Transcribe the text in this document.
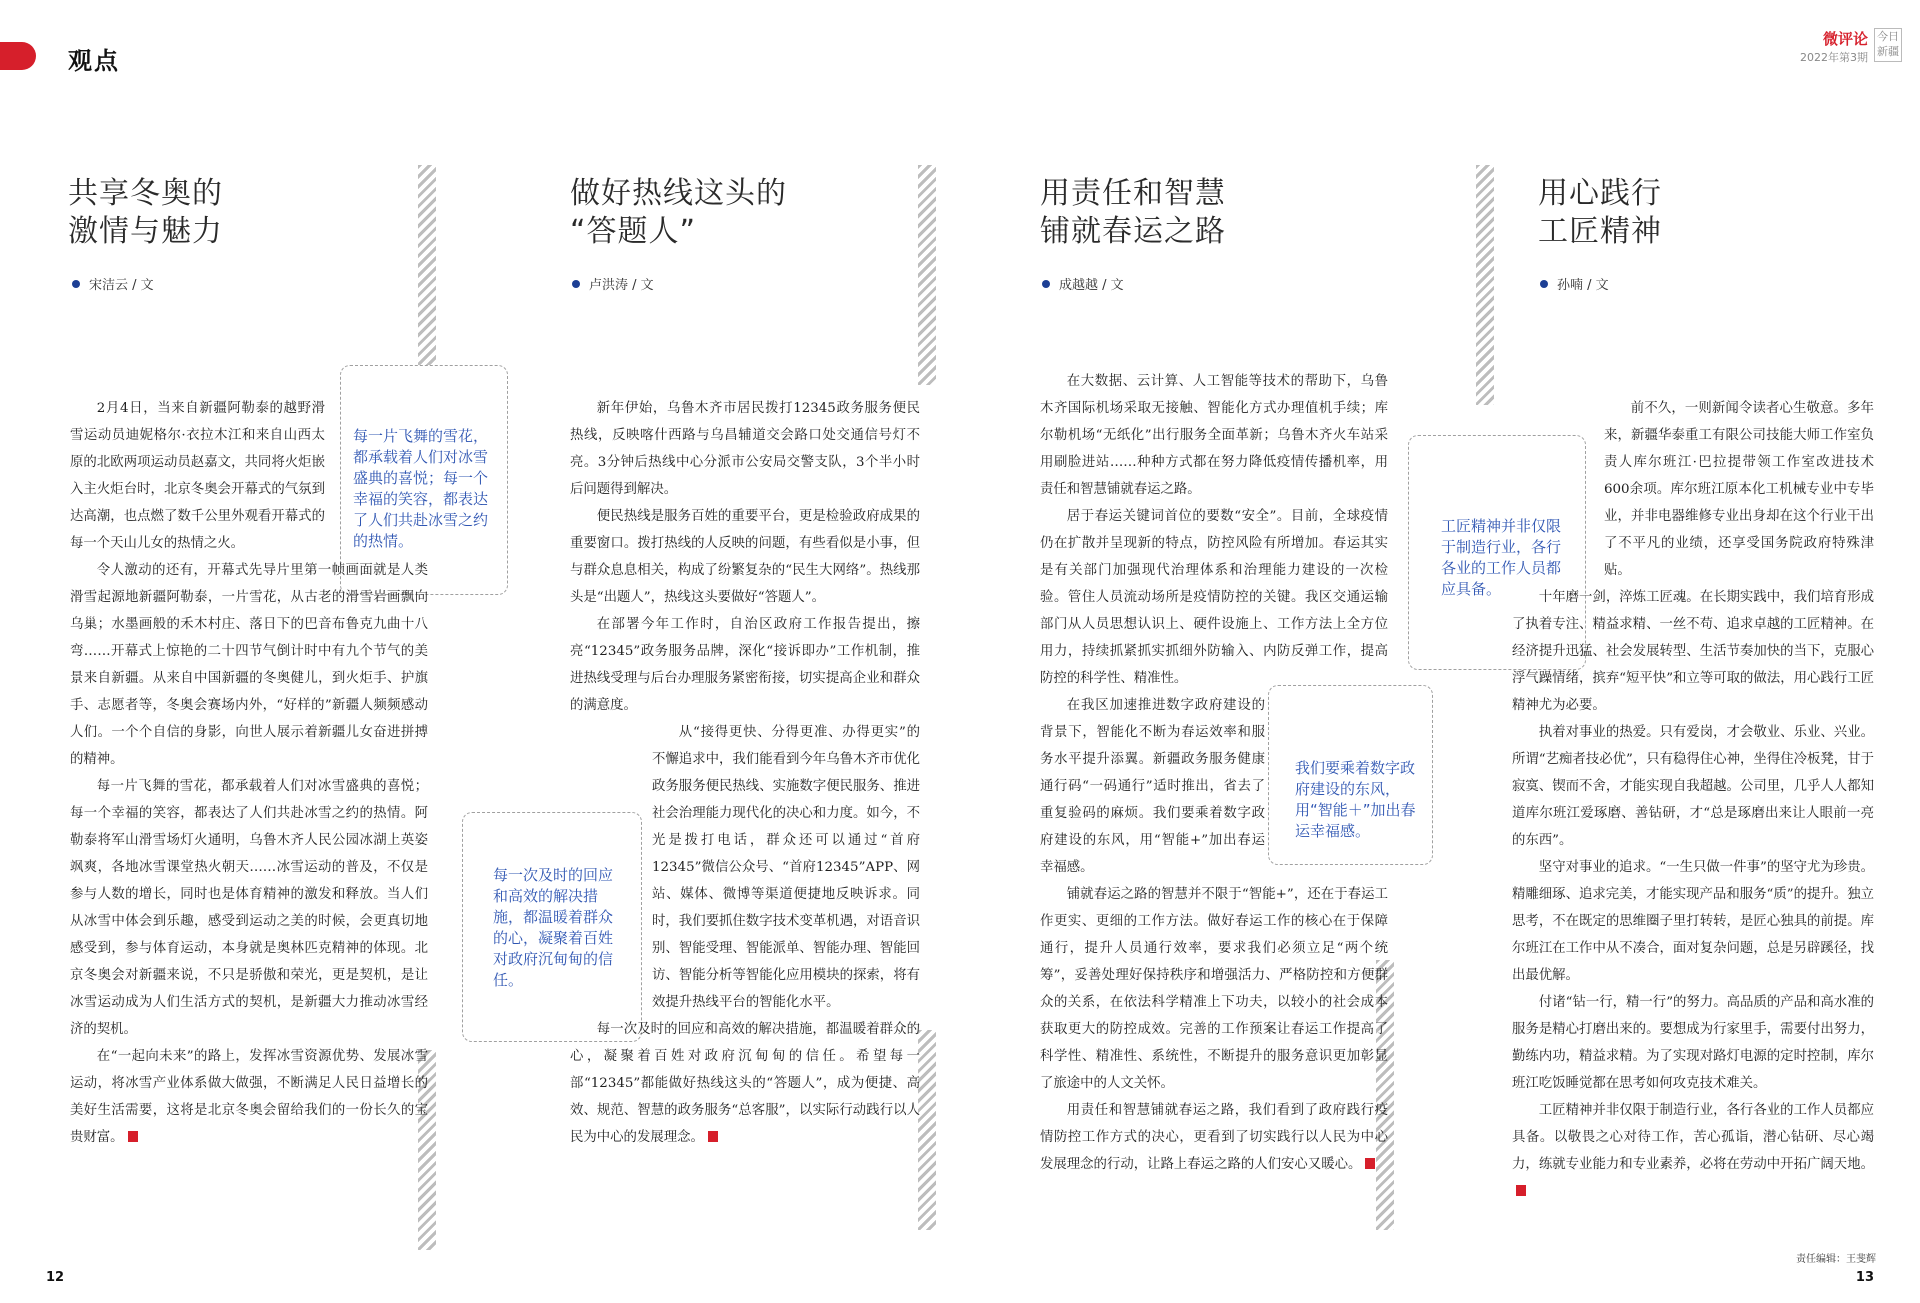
观点
微评论
2022年第3期
今日新疆
共享冬奥的
激情与魅力
宋洁云 / 文
每一片飞舞的雪花，都承载着人们对冰雪盛典的喜悦；每一个幸福的笑容，都表达了人们共赴冰雪之约的热情。

2月4日，当来自新疆阿勒泰的越野滑雪运动员迪妮格尔·衣拉木江和来自山西太原的北欧两项运动员赵嘉文，共同将火炬嵌入主火炬台时，北京冬奥会开幕式的气氛到达高潮，也点燃了数千公里外观看开幕式的每一个天山儿女的热情之火。

令人激动的还有，开幕式先导片里第一帧画面就是人类滑雪起源地新疆阿勒泰，一片雪花，从古老的滑雪岩画飘向乌巢；水墨画般的禾木村庄、落日下的巴音布鲁克九曲十八弯……开幕式上惊艳的二十四节气倒计时中有九个节气的美景来自新疆。从来自中国新疆的冬奥健儿，到火炬手、护旗手、志愿者等，冬奥会赛场内外，“好样的”新疆人频频感动人们。一个个自信的身影，向世人展示着新疆儿女奋进拼搏的精神。

每一片飞舞的雪花，都承载着人们对冰雪盛典的喜悦；每一个幸福的笑容，都表达了人们共赴冰雪之约的热情。阿勒泰将军山滑雪场灯火通明，乌鲁木齐人民公园冰湖上英姿飒爽，各地冰雪课堂热火朝天……冰雪运动的普及，不仅是参与人数的增长，同时也是体育精神的激发和释放。当人们从冰雪中体会到乐趣，感受到运动之美的时候，会更真切地感受到，参与体育运动，本身就是奥林匹克精神的体现。北京冬奥会对新疆来说，不只是骄傲和荣光，更是契机，是让冰雪运动成为人们生活方式的契机，是新疆大力推动冰雪经济的契机。

在“一起向未来”的路上，发挥冰雪资源优势、发展冰雪运动，将冰雪产业体系做大做强，不断满足人民日益增长的美好生活需要，这将是北京冬奥会留给我们的一份长久的宝贵财富。

做好热线这头的
“答题人”
卢洪涛 / 文
每一次及时的回应和高效的解决措施，都温暖着群众的心，凝聚着百姓对政府沉甸甸的信任。

新年伊始，乌鲁木齐市居民拨打12345政务服务便民热线，反映喀什西路与乌昌辅道交会路口处交通信号灯不亮。3分钟后热线中心分派市公安局交警支队，3个半小时后问题得到解决。

便民热线是服务百姓的重要平台，更是检验政府成果的重要窗口。拨打热线的人反映的问题，有些看似是小事，但与群众息息相关，构成了纷繁复杂的“民生大网络”。热线那头是“出题人”，热线这头要做好“答题人”。

在部署今年工作时，自治区政府工作报告提出，擦亮“12345”政务服务品牌，深化“接诉即办”工作机制，推进热线受理与后台办理服务紧密衔接，切实提高企业和群众的满意度。

从“接得更快、分得更准、办得更实”的不懈追求中，我们能看到今年乌鲁木齐市优化政务服务便民热线、实施数字便民服务、推进社会治理能力现代化的决心和力度。如今，不光是拨打电话，群众还可以通过“首府12345”微信公众号、“首府12345”APP、网站、媒体、微博等渠道便捷地反映诉求。同时，我们要抓住数字技术变革机遇，对语音识别、智能受理、智能派单、智能办理、智能回访、智能分析等智能化应用模块的探索，将有效提升热线平台的智能化水平。

每一次及时的回应和高效的解决措施，都温暖着群众的心，凝聚着百姓对政府沉甸甸的信任。希望每一部“12345”都能做好热线这头的“答题人”，成为便捷、高效、规范、智慧的政务服务“总客服”，以实际行动践行以人民为中心的发展理念。

用责任和智慧
铺就春运之路
成越越 / 文
我们要乘着数字政府建设的东风，用“智能＋”加出春运幸福感。

在大数据、云计算、人工智能等技术的帮助下，乌鲁木齐国际机场采取无接触、智能化方式办理值机手续；库尔勒机场“无纸化”出行服务全面革新；乌鲁木齐火车站采用刷脸进站……种种方式都在努力降低疫情传播机率，用责任和智慧铺就春运之路。

居于春运关键词首位的要数“安全”。目前，全球疫情仍在扩散并呈现新的特点，防控风险有所增加。春运其实是有关部门加强现代治理体系和治理能力建设的一次检验。管住人员流动场所是疫情防控的关键。我区交通运输部门从人员思想认识上、硬件设施上、工作方法上全方位用力，持续抓紧抓实抓细外防输入、内防反弹工作，提高防控的科学性、精准性。

在我区加速推进数字政府建设的背景下，智能化不断为春运效率和服务水平提升添翼。新疆政务服务健康通行码“一码通行”适时推出，省去了重复验码的麻烦。我们要乘着数字政府建设的东风，用“智能+”加出春运幸福感。

铺就春运之路的智慧并不限于“智能+”，还在于春运工作更实、更细的工作方法。做好春运工作的核心在于保障通行，提升人员通行效率，要求我们必须立足“两个统筹”，妥善处理好保持秩序和增强活力、严格防控和方便群众的关系，在依法科学精准上下功夫，以较小的社会成本获取更大的防控成效。完善的工作预案让春运工作提高了科学性、精准性、系统性，不断提升的服务意识更加彰显了旅途中的人文关怀。

用责任和智慧铺就春运之路，我们看到了政府践行疫情防控工作方式的决心，更看到了切实践行以人民为中心发展理念的行动，让路上春运之路的人们安心又暖心。

用心践行
工匠精神
孙喃 / 文
工匠精神并非仅限于制造行业，各行各业的工作人员都应具备。

前不久，一则新闻令读者心生敬意。多年来，新疆华泰重工有限公司技能大师工作室负责人库尔班江·巴拉提带领工作室改进技术600余项。库尔班江原本化工机械专业中专毕业，并非电器维修专业出身却在这个行业干出了不平凡的业绩，还享受国务院政府特殊津贴。

十年磨一剑，淬炼工匠魂。在长期实践中，我们培育形成了执着专注、精益求精、一丝不苟、追求卓越的工匠精神。在经济提升迅猛、社会发展转型、生活节奏加快的当下，克服心浮气躁情绪，摈弃“短平快”和立等可取的做法，用心践行工匠精神尤为必要。

执着对事业的热爱。只有爱岗，才会敬业、乐业、兴业。所谓“艺痴者技必优”，只有稳得住心神，坐得住冷板凳，甘于寂寞、锲而不舍，才能实现自我超越。公司里，几乎人人都知道库尔班江爱琢磨、善钻研，才“总是琢磨出来让人眼前一亮的东西”。

坚守对事业的追求。“一生只做一件事”的坚守尤为珍贵。精雕细琢、追求完美，才能实现产品和服务“质”的提升。独立思考，不在既定的思维圈子里打转转，是匠心独具的前提。库尔班江在工作中从不凑合，面对复杂问题，总是另辟蹊径，找出最优解。

付诸“钻一行，精一行”的努力。高品质的产品和高水准的服务是精心打磨出来的。要想成为行家里手，需要付出努力，勤练内功，精益求精。为了实现对路灯电源的定时控制，库尔班江吃饭睡觉都在思考如何攻克技术难关。

工匠精神并非仅限于制造行业，各行各业的工作人员都应具备。以敬畏之心对待工作，苦心孤诣，潜心钻研、尽心竭力，练就专业能力和专业素养，必将在劳动中开拓广阔天地。

12	13
责任编辑：王斐辉
